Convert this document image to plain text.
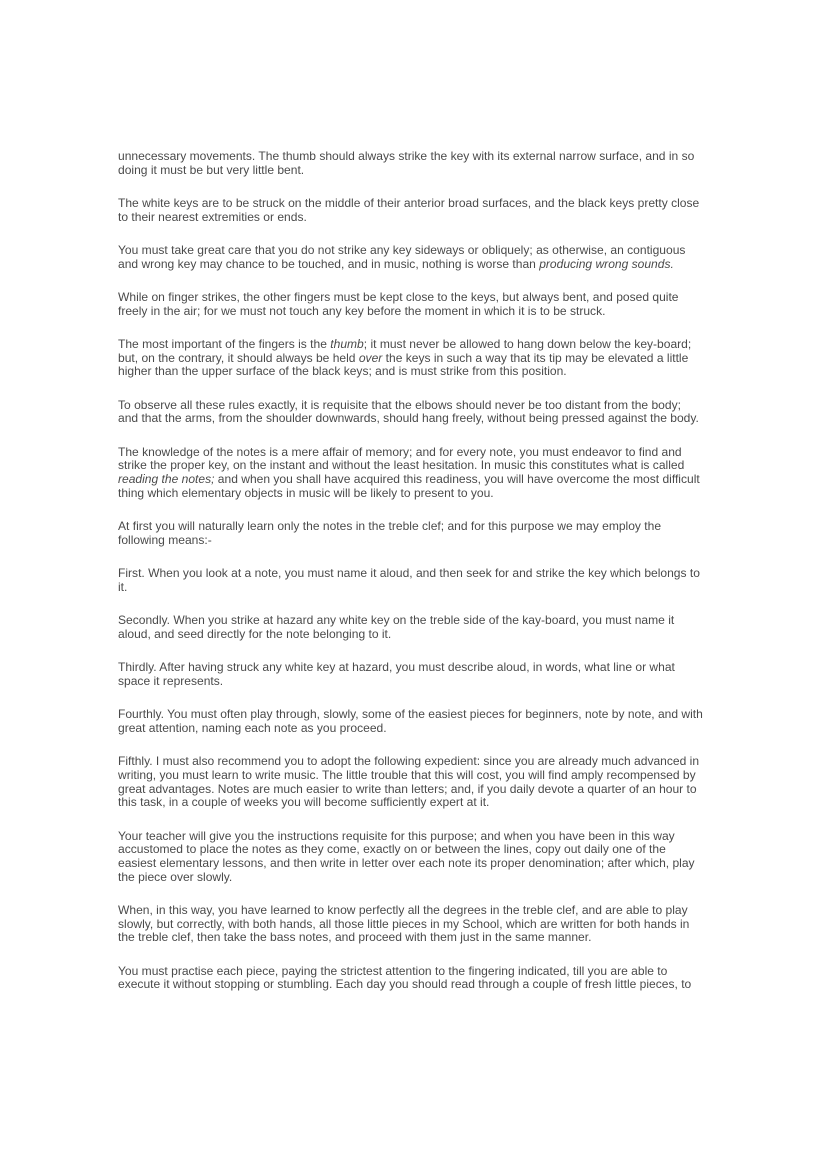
unnecessary movements. The thumb should always strike the key with its external narrow surface, and in so doing it must be but very little bent.

The white keys are to be struck on the middle of their anterior broad surfaces, and the black keys pretty close to their nearest extremities or ends.

You must take great care that you do not strike any key sideways or obliquely; as otherwise, an contiguous and wrong key may chance to be touched, and in music, nothing is worse than producing wrong sounds.

While on finger strikes, the other fingers must be kept close to the keys, but always bent, and posed quite freely in the air; for we must not touch any key before the moment in which it is to be struck.

The most important of the fingers is the thumb; it must never be allowed to hang down below the key-board; but, on the contrary, it should always be held over the keys in such a way that its tip may be elevated a little higher than the upper surface of the black keys; and is must strike from this position.

To observe all these rules exactly, it is requisite that the elbows should never be too distant from the body; and that the arms, from the shoulder downwards, should hang freely, without being pressed against the body.

The knowledge of the notes is a mere affair of memory; and for every note, you must endeavor to find and strike the proper key, on the instant and without the least hesitation. In music this constitutes what is called reading the notes; and when you shall have acquired this readiness, you will have overcome the most difficult thing which elementary objects in music will be likely to present to you.

At first you will naturally learn only the notes in the treble clef; and for this purpose we may employ the following means:-

First. When you look at a note, you must name it aloud, and then seek for and strike the key which belongs to it.

Secondly. When you strike at hazard any white key on the treble side of the kay-board, you must name it aloud, and seed directly for the note belonging to it.

Thirdly. After having struck any white key at hazard, you must describe aloud, in words, what line or what space it represents.

Fourthly. You must often play through, slowly, some of the easiest pieces for beginners, note by note, and with great attention, naming each note as you proceed.

Fifthly. I must also recommend you to adopt the following expedient: since you are already much advanced in writing, you must learn to write music. The little trouble that this will cost, you will find amply recompensed by great advantages. Notes are much easier to write than letters; and, if you daily devote a quarter of an hour to this task, in a couple of weeks you will become sufficiently expert at it.

Your teacher will give you the instructions requisite for this purpose; and when you have been in this way accustomed to place the notes as they come, exactly on or between the lines, copy out daily one of the easiest elementary lessons, and then write in letter over each note its proper denomination; after which, play the piece over slowly.

When, in this way, you have learned to know perfectly all the degrees in the treble clef, and are able to play slowly, but correctly, with both hands, all those little pieces in my School, which are written for both hands in the treble clef, then take the bass notes, and proceed with them just in the same manner.

You must practise each piece, paying the strictest attention to the fingering indicated, till you are able to execute it without stopping or stumbling. Each day you should read through a couple of fresh little pieces, to
